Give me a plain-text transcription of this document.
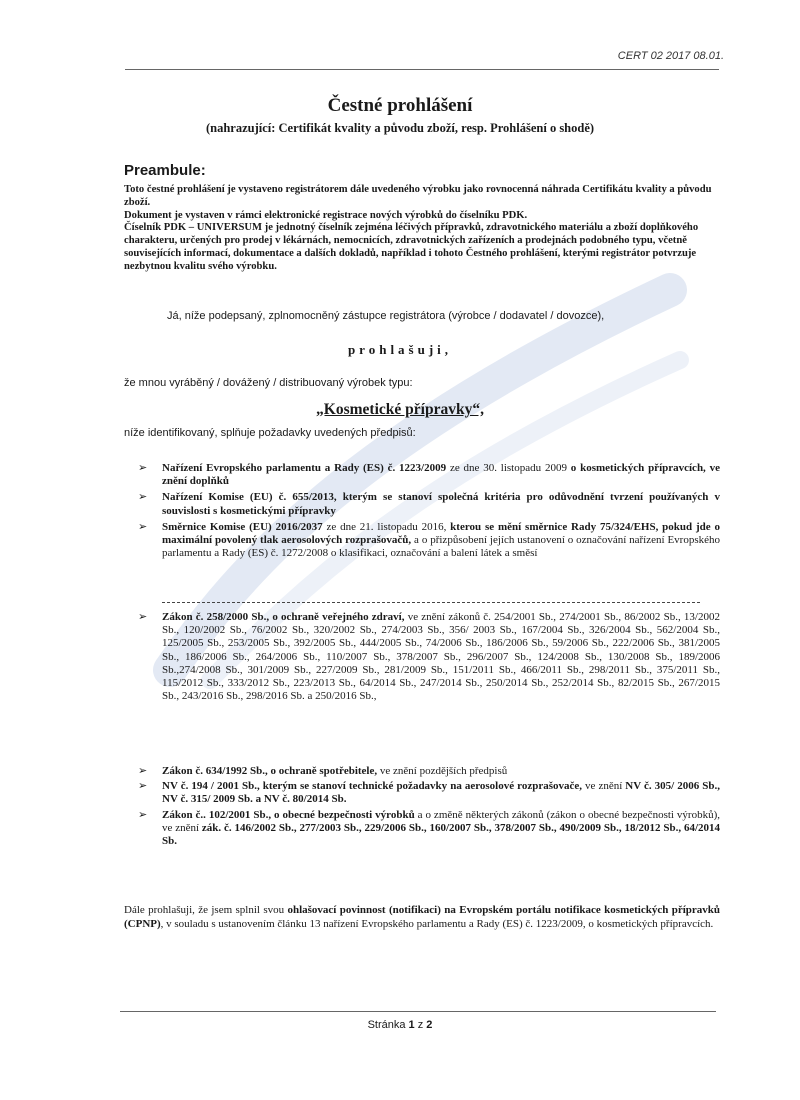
CERT 02 2017 08.01.
Čestné prohlášení
(nahrazující: Certifikát kvality a původu zboží, resp. Prohlášení o shodě)
Preambule:

Toto čestné prohlášení je vystaveno registrátorem dále uvedeného výrobku jako rovnocenná náhrada Certifikátu kvality a původu zboží.

Dokument je vystaven v rámci elektronické registrace nových výrobků do číselníku PDK.

Číselník PDK – UNIVERSUM je jednotný číselník zejména léčivých přípravků, zdravotnického materiálu a zboží doplňkového charakteru, určených pro prodej v lékárnách, nemocnicích, zdravotnických zařízeních a prodejnách podobného typu, včetně souvisejících informací, dokumentace a dalších dokladů, například i tohoto Čestného prohlášení, kterými registrátor potvrzuje nezbytnou kvalitu svého výrobku.

Já, níže podepsaný, zplnomocněný zástupce registrátora (výrobce / dodavatel / dovozce),
prohlašuji,
že mnou vyráběný / dovážený / distribuovaný výrobek typu:
„Kosmetické přípravky“,
níže identifikovaný, splňuje požadavky uvedených předpisů:
➢ Nařízení Evropského parlamentu a Rady (ES) č. 1223/2009 ze dne 30. listopadu 2009 o kosmetických přípravcích, ve znění doplňků
➢ Nařízení Komise (EU) č. 655/2013, kterým se stanoví společná kritéria pro odůvodnění tvrzení používaných v souvislosti s kosmetickými přípravky
➢ Směrnice Komise (EU) 2016/2037 ze dne 21. listopadu 2016, kterou se mění směrnice Rady 75/324/EHS, pokud jde o maximální povolený tlak aerosolových rozprašovačů, a o přizpůsobení jejích ustanovení o označování nařízení Evropského parlamentu a Rady (ES) č. 1272/2008 o klasifikaci, označování a balení látek a směsí
➢ Zákon č. 258/2000 Sb., o ochraně veřejného zdraví, ve znění zákonů č. 254/2001 Sb., 274/2001 Sb., 86/2002 Sb., 13/2002 Sb., 120/2002 Sb., 76/2002 Sb., 320/2002 Sb., 274/2003 Sb., 356/ 2003 Sb., 167/2004 Sb., 326/2004 Sb., 562/2004 Sb., 125/2005 Sb., 253/2005 Sb., 392/2005 Sb., 444/2005 Sb., 74/2006 Sb., 186/2006 Sb., 59/2006 Sb., 222/2006 Sb., 381/2005 Sb., 186/2006 Sb., 264/2006 Sb., 110/2007 Sb., 378/2007 Sb., 296/2007 Sb., 124/2008 Sb., 130/2008 Sb., 189/2006 Sb.,274/2008 Sb., 301/2009 Sb., 227/2009 Sb., 281/2009 Sb., 151/2011 Sb., 466/2011 Sb., 298/2011 Sb., 375/2011 Sb., 115/2012 Sb., 333/2012 Sb., 223/2013 Sb., 64/2014 Sb., 247/2014 Sb., 250/2014 Sb., 252/2014 Sb., 82/2015 Sb., 267/2015 Sb., 243/2016 Sb., 298/2016 Sb. a 250/2016 Sb.,
➢ Zákon č. 634/1992 Sb., o ochraně spotřebitele, ve znění pozdějších předpisů
➢ NV č. 194 / 2001 Sb., kterým se stanoví technické požadavky na aerosolové rozprašovače, ve znění NV č. 305/ 2006 Sb., NV č. 315/ 2009 Sb. a NV č. 80/2014 Sb.
➢ Zákon č.. 102/2001 Sb., o obecné bezpečnosti výrobků a o změně některých zákonů (zákon o obecné bezpečnosti výrobků), ve znění zák. č. 146/2002 Sb., 277/2003 Sb., 229/2006 Sb., 160/2007 Sb., 378/2007 Sb., 490/2009 Sb., 18/2012 Sb., 64/2014 Sb.
Dále prohlašuji, že jsem splnil svou ohlašovací povinnost (notifikaci) na Evropském portálu notifikace kosmetických přípravků (CPNP), v souladu s ustanovením článku 13 nařízení Evropského parlamentu a Rady (ES) č. 1223/2009, o kosmetických přípravcích.
Stránka 1 z 2
